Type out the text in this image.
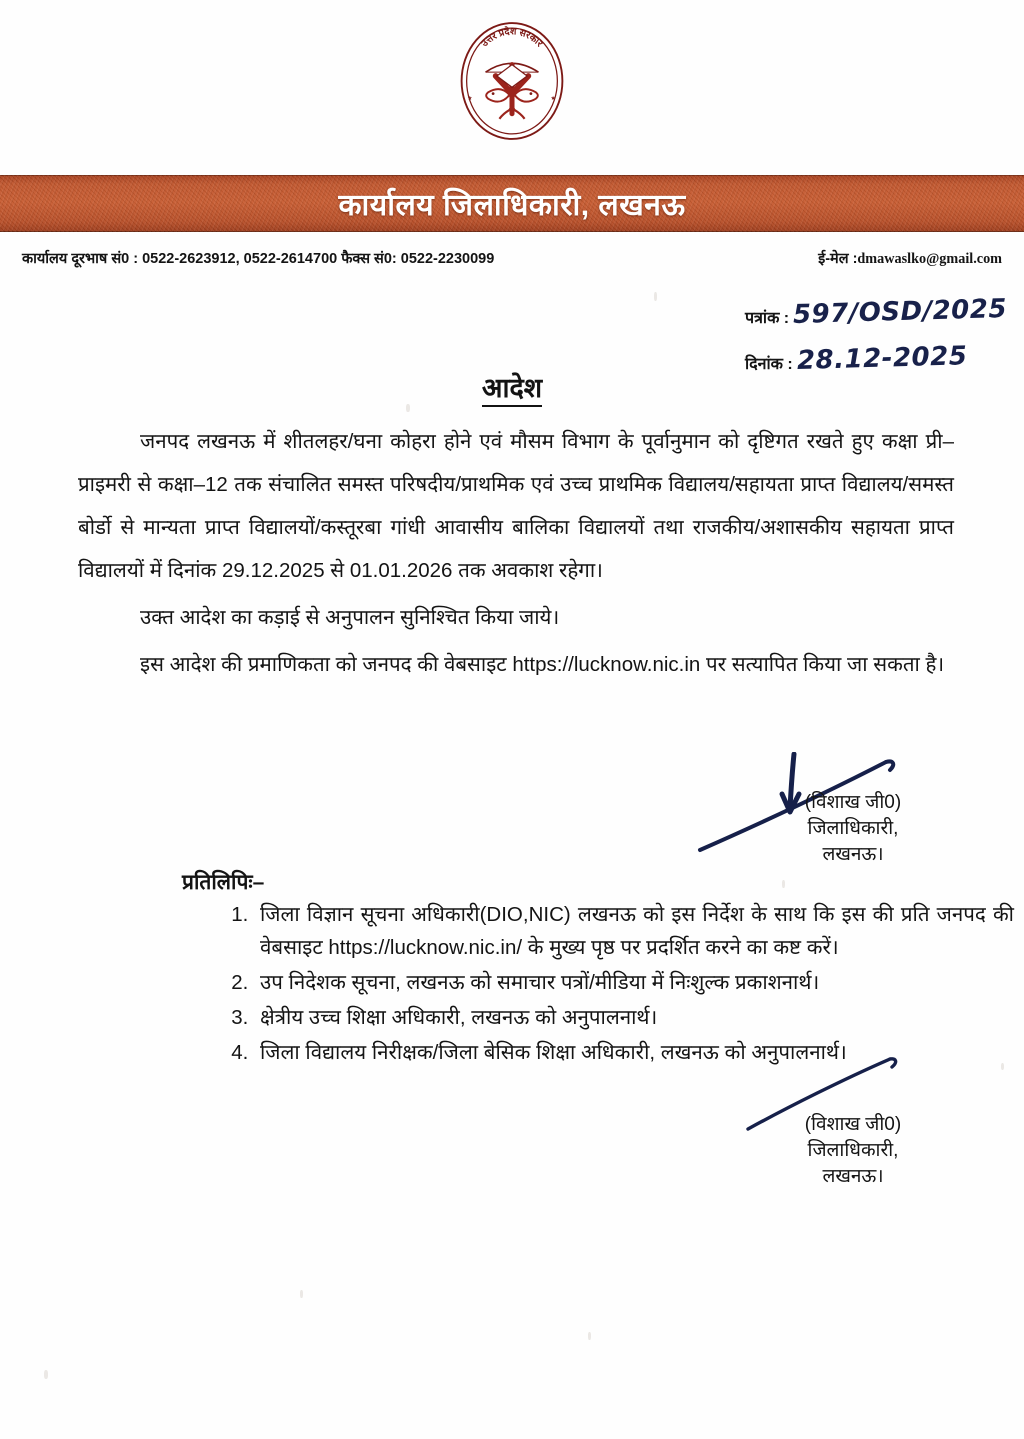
उत्तर प्रदेश सरकार
कार्यालय जिलाधिकारी, लखनऊ
कार्यालय दूरभाष सं0 : 0522-2623912, 0522-2614700 फैक्स सं0: 0522-2230099	ई-मेल :dmawaslko@gmail.com
पत्रांक : 597/OSD/2025
दिनांक : 28.12-2025
आदेश

जनपद लखनऊ में शीतलहर/घना कोहरा होने एवं मौसम विभाग के पूर्वानुमान को दृष्टिगत रखते हुए कक्षा प्री–प्राइमरी से कक्षा–12 तक संचालित समस्त परिषदीय/प्राथमिक एवं उच्च प्राथमिक विद्यालय/सहायता प्राप्त विद्यालय/समस्त बोर्डो से मान्यता प्राप्त विद्यालयों/कस्तूरबा गांधी आवासीय बालिका विद्यालयों तथा राजकीय/अशासकीय सहायता प्राप्त विद्यालयों में दिनांक 29.12.2025 से 01.01.2026 तक अवकाश रहेगा।

उक्त आदेश का कड़ाई से अनुपालन सुनिश्चित किया जाये।

इस आदेश की प्रमाणिकता को जनपद की वेबसाइट https://lucknow.nic.in पर सत्यापित किया जा सकता है।

(विशाख जी0)
जिलाधिकारी,
लखनऊ।
प्रतिलिपिः–
1. जिला विज्ञान सूचना अधिकारी(DIO,NIC) लखनऊ को इस निर्देश के साथ कि इस की प्रति जनपद की वेबसाइट https://lucknow.nic.in/ के मुख्य पृष्ठ पर प्रदर्शित करने का कष्ट करें।
2. उप निदेशक सूचना, लखनऊ को समाचार पत्रों/मीडिया में निःशुल्क प्रकाशनार्थ।
3. क्षेत्रीय उच्च शिक्षा अधिकारी, लखनऊ को अनुपालनार्थ।
4. जिला विद्यालय निरीक्षक/जिला बेसिक शिक्षा अधिकारी, लखनऊ को अनुपालनार्थ।
(विशाख जी0)
जिलाधिकारी,
लखनऊ।
